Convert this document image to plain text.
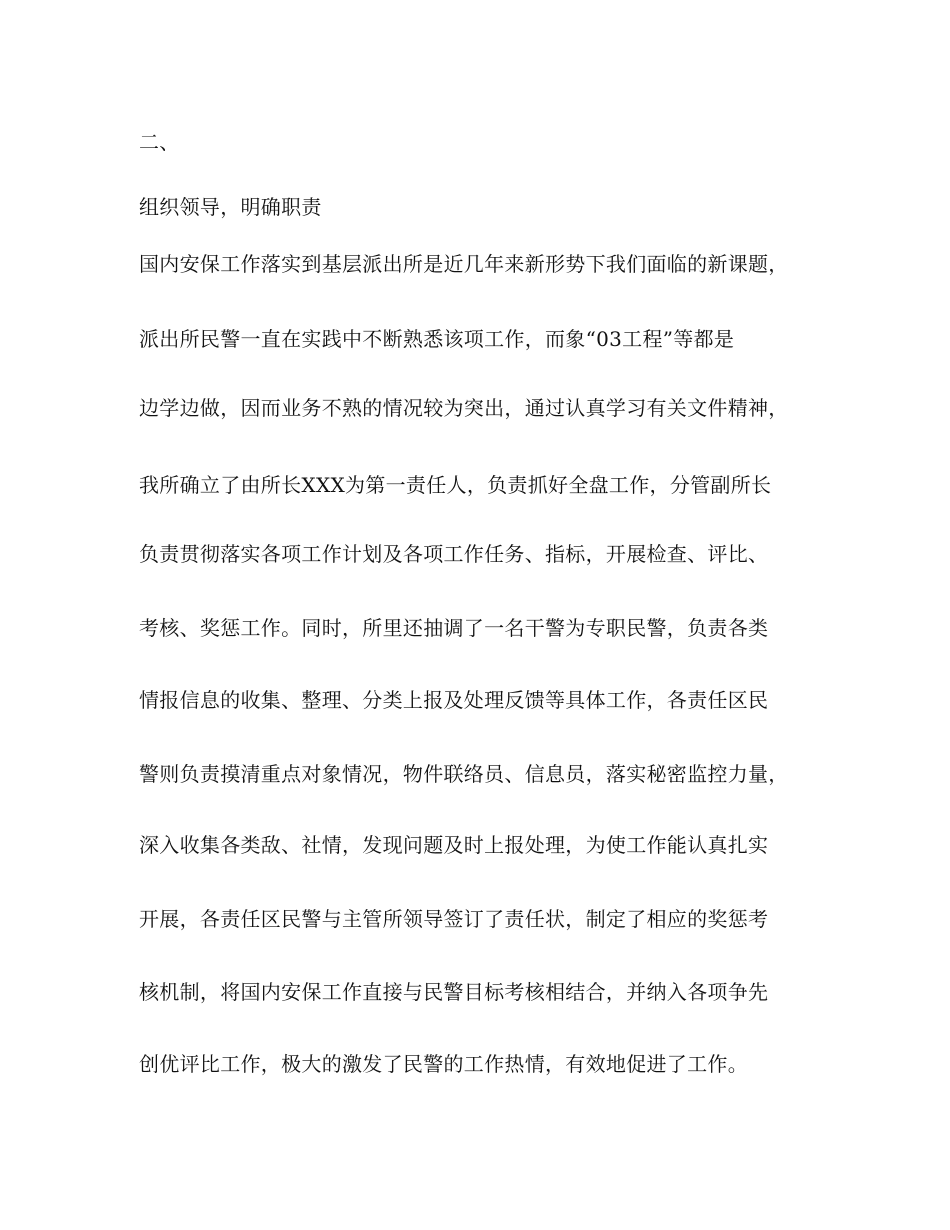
二、
组织领导，明确职责
国内安保工作落实到基层派出所是近几年来新形势下我们面临的新课题，
派出所民警一直在实践中不断熟悉该项工作，而象“03工程”等都是
边学边做，因而业务不熟的情况较为突出，通过认真学习有关文件精神，
我所确立了由所长XXX为第一责任人，负责抓好全盘工作，分管副所长
负责贯彻落实各项工作计划及各项工作任务、指标，开展检查、评比、
考核、奖惩工作。同时，所里还抽调了一名干警为专职民警，负责各类
情报信息的收集、整理、分类上报及处理反馈等具体工作，各责任区民
警则负责摸清重点对象情况，物件联络员、信息员，落实秘密监控力量，
深入收集各类敌、社情，发现问题及时上报处理，为使工作能认真扎实
开展，各责任区民警与主管所领导签订了责任状，制定了相应的奖惩考
核机制，将国内安保工作直接与民警目标考核相结合，并纳入各项争先
创优评比工作，极大的激发了民警的工作热情，有效地促进了工作。
